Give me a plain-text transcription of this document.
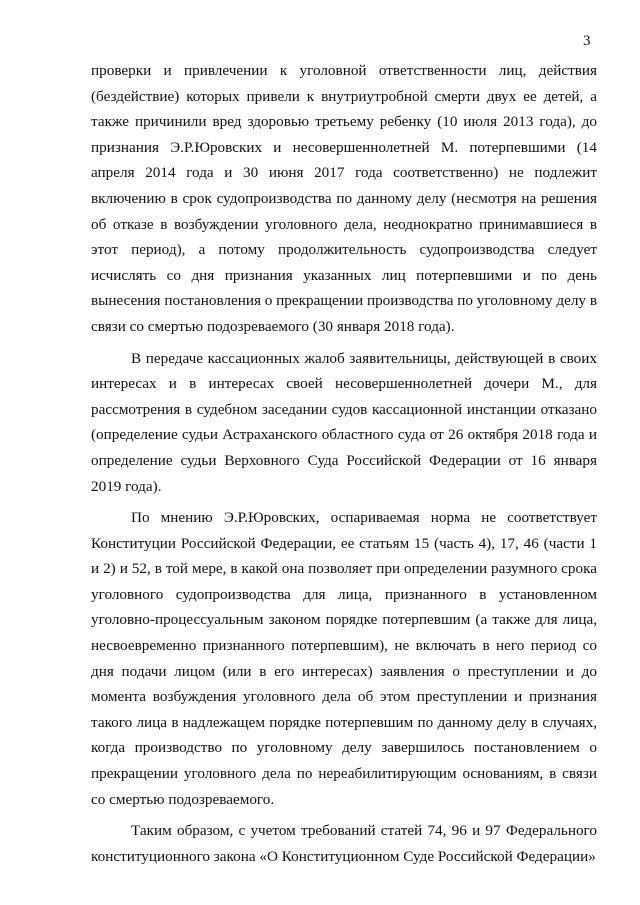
3

проверки и привлечении к уголовной ответственности лиц, действия (бездействие) которых привели к внутриутробной смерти двух ее детей, а также причинили вред здоровью третьему ребенку (10 июля 2013 года), до признания Э.Р.Юровских и несовершеннолетней М. потерпевшими (14 апреля 2014 года и 30 июня 2017 года соответственно) не подлежит включению в срок судопроизводства по данному делу (несмотря на решения об отказе в возбуждении уголовного дела, неоднократно принимавшиеся в этот период), а потому продолжительность судопроизводства следует исчислять со дня признания указанных лиц потерпевшими и по день вынесения постановления о прекращении производства по уголовному делу в связи со смертью подозреваемого (30 января 2018 года).

В передаче кассационных жалоб заявительницы, действующей в своих интересах и в интересах своей несовершеннолетней дочери М., для рассмотрения в судебном заседании судов кассационной инстанции отказано (определение судьи Астраханского областного суда от 26 октября 2018 года и определение судьи Верховного Суда Российской Федерации от 16 января 2019 года).

По мнению Э.Р.Юровских, оспариваемая норма не соответствует Конституции Российской Федерации, ее статьям 15 (часть 4), 17, 46 (части 1 и 2) и 52, в той мере, в какой она позволяет при определении разумного срока уголовного судопроизводства для лица, признанного в установленном уголовно-процессуальным законом порядке потерпевшим (а также для лица, несвоевременно признанного потерпевшим), не включать в него период со дня подачи лицом (или в его интересах) заявления о преступлении и до момента возбуждения уголовного дела об этом преступлении и признания такого лица в надлежащем порядке потерпевшим по данному делу в случаях, когда производство по уголовному делу завершилось постановлением о прекращении уголовного дела по нереабилитирующим основаниям, в связи со смертью подозреваемого.

Таким образом, с учетом требований статей 74, 96 и 97 Федерального конституционного закона «О Конституционном Суде Российской Федерации»
